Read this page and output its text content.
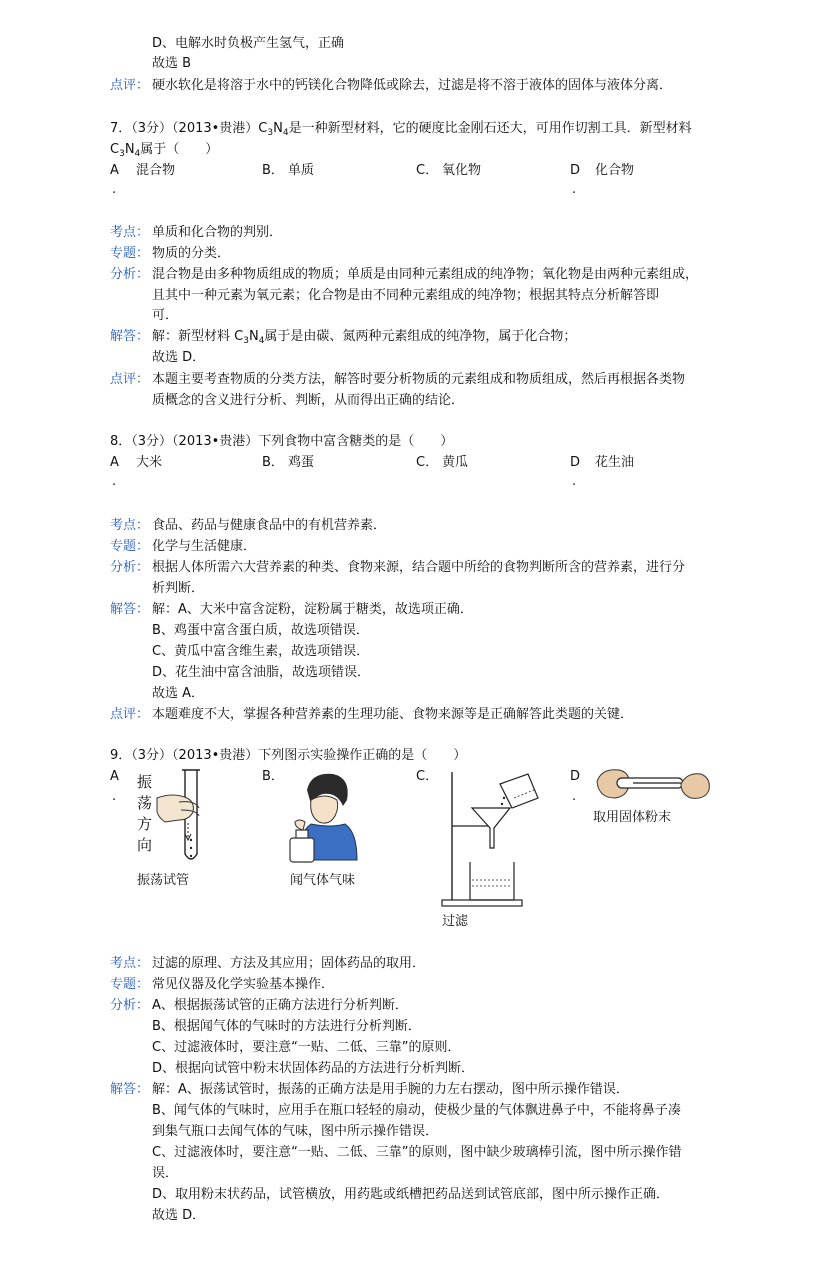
D、电解水时负极产生氢气，正确
故选 B
点评： 硬水软化是将溶于水中的钙镁化合物降低或除去，过滤是将不溶于液体的固体与液体分离．
7．（3分）（2013•贵港）$C_3N_4$是一种新型材料，它的硬度比金刚石还大，可用作切割工具．新型材料
$C_3N_4$属于（　　）
A 混合物
.
B． 单质	C． 氧化物	D 化合物
.
考点： 单质和化合物的判别．
专题： 物质的分类．
分析： 混合物是由多种物质组成的物质；单质是由同种元素组成的纯净物；氧化物是由两种元素组成，
且其中一种元素为氧元素；化合物是由不同种元素组成的纯净物；根据其特点分析解答即
可．
解答： 解：新型材料 $C_3N_4$属于是由碳、氮两种元素组成的纯净物，属于化合物；
故选 D．
点评： 本题主要考查物质的分类方法，解答时要分析物质的元素组成和物质组成，然后再根据各类物
质概念的含义进行分析、判断，从而得出正确的结论．
8．（3分）（2013•贵港）下列食物中富含糖类的是（　　）
A 大米
.
B． 鸡蛋	C． 黄瓜	D 花生油
.
考点： 食品、药品与健康食品中的有机营养素．
专题： 化学与生活健康．
分析： 根据人体所需六大营养素的种类、食物来源，结合题中所给的食物判断所含的营养素，进行分
析判断．
解答： 解：A、大米中富含淀粉，淀粉属于糖类，故选项正确．
B、鸡蛋中富含蛋白质，故选项错误．
C、黄瓜中富含维生素，故选项错误．
D、花生油中富含油脂，故选项错误．
故选 A．
点评： 本题难度不大，掌握各种营养素的生理功能、食物来源等是正确解答此类题的关键．
9．（3分）（2013•贵港）下列图示实验操作正确的是（　　）
A
.
B．	C．	D
.
振
荡
方
向
振荡试管	闻气体气味
过滤
取用固体粉末
考点： 过滤的原理、方法及其应用；固体药品的取用．
专题： 常见仪器及化学实验基本操作．
分析： A、根据振荡试管的正确方法进行分析判断．
B、根据闻气体的气味时的方法进行分析判断．
C、过滤液体时，要注意“一贴、二低、三靠”的原则．
D、根据向试管中粉末状固体药品的方法进行分析判断．
解答： 解：A、振荡试管时，振荡的正确方法是用手腕的力左右摆动，图中所示操作错误．
B、闻气体的气味时，应用手在瓶口轻轻的扇动，使极少量的气体飘进鼻子中，不能将鼻子凑
到集气瓶口去闻气体的气味，图中所示操作错误．
C、过滤液体时，要注意“一贴、二低、三靠”的原则，图中缺少玻璃棒引流，图中所示操作错
误．
D、取用粉末状药品，试管横放，用药匙或纸槽把药品送到试管底部，图中所示操作正确．
故选 D．
